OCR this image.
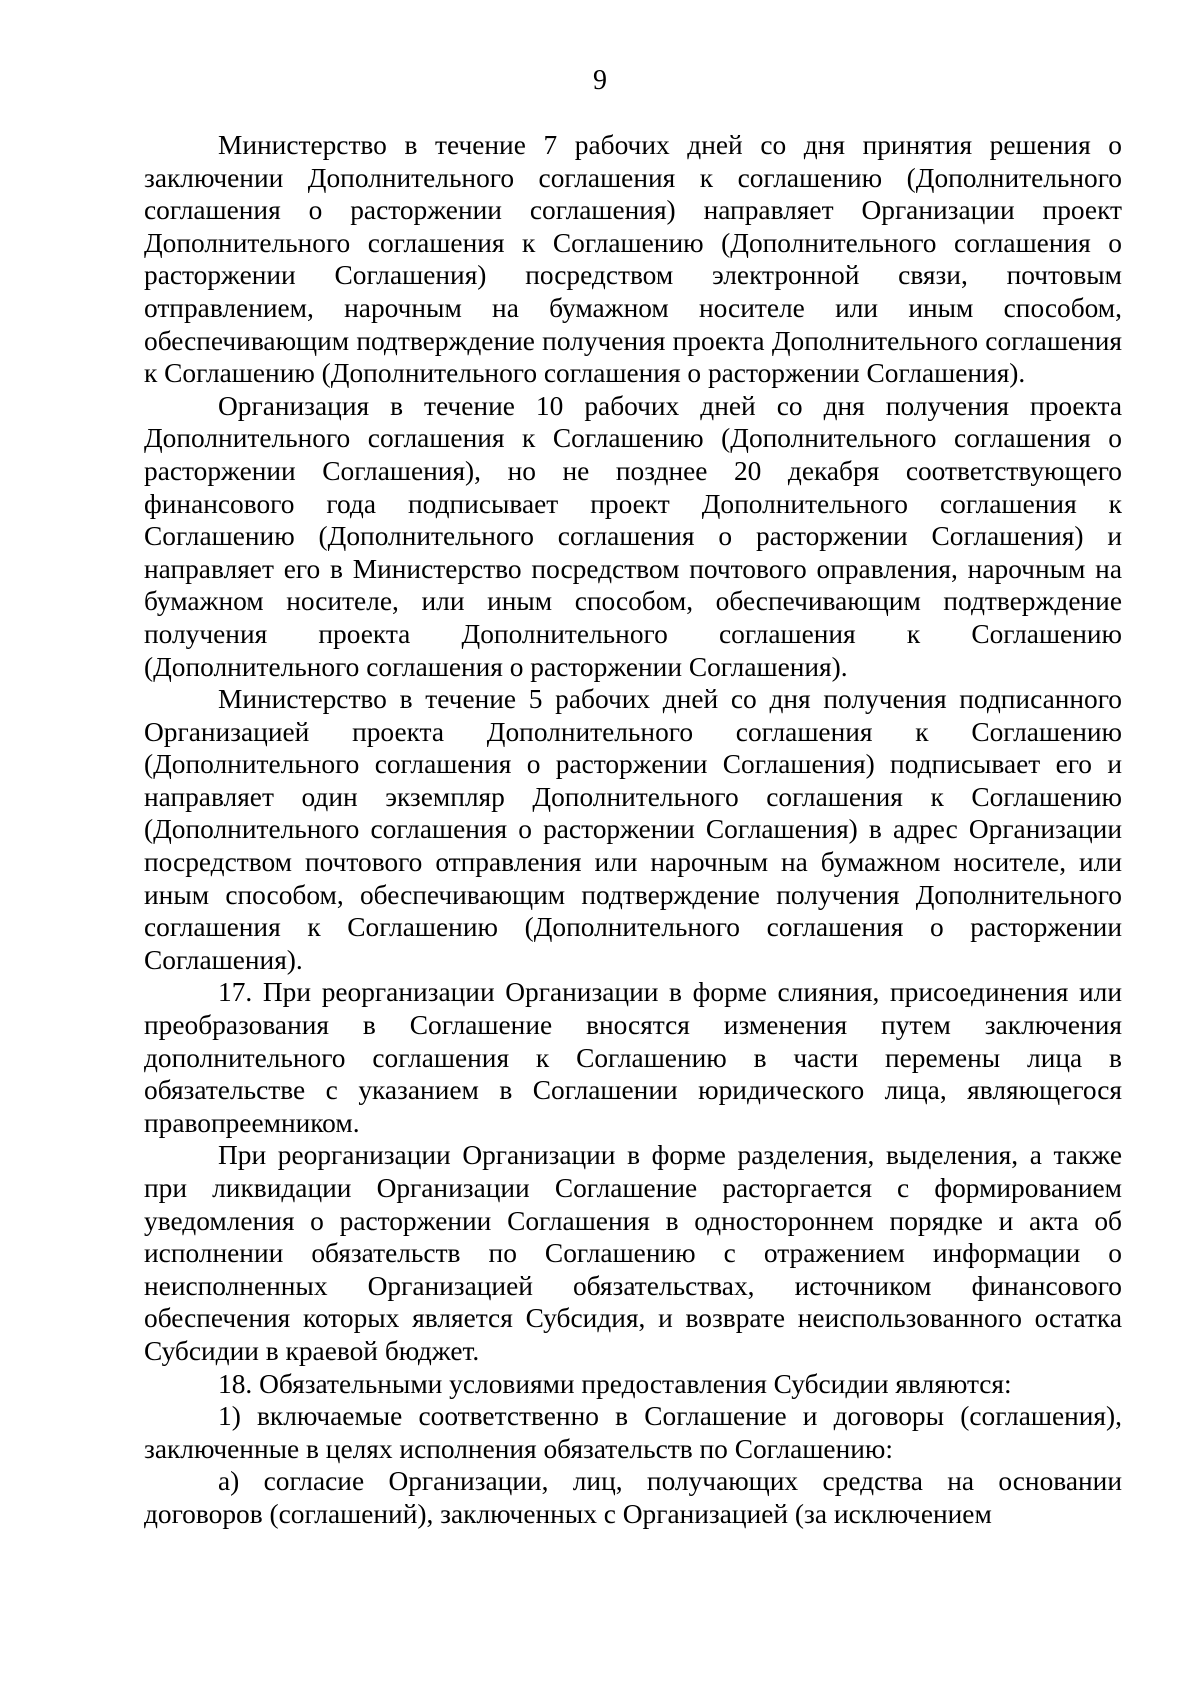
9

Министерство в течение 7 рабочих дней со дня принятия решения о заключении Дополнительного соглашения к соглашению (Дополнительного соглашения о расторжении соглашения) направляет Организации проект Дополнительного соглашения к Соглашению (Дополнительного соглашения о расторжении Соглашения) посредством электронной связи, почтовым отправлением, нарочным на бумажном носителе или иным способом, обеспечивающим подтверждение получения проекта Дополнительного соглашения к Соглашению (Дополнительного соглашения о расторжении Соглашения).

Организация в течение 10 рабочих дней со дня получения проекта Дополнительного соглашения к Соглашению (Дополнительного соглашения о расторжении Соглашения), но не позднее 20 декабря соответствующего финансового года подписывает проект Дополнительного соглашения к Соглашению (Дополнительного соглашения о расторжении Соглашения) и направляет его в Министерство посредством почтового оправления, нарочным на бумажном носителе, или иным способом, обеспечивающим подтверждение получения проекта Дополнительного соглашения к Соглашению (Дополнительного соглашения о расторжении Соглашения).

Министерство в течение 5 рабочих дней со дня получения подписанного Организацией проекта Дополнительного соглашения к Соглашению (Дополнительного соглашения о расторжении Соглашения) подписывает его и направляет один экземпляр Дополнительного соглашения к Соглашению (Дополнительного соглашения о расторжении Соглашения) в адрес Организации посредством почтового отправления или нарочным на бумажном носителе, или иным способом, обеспечивающим подтверждение получения Дополнительного соглашения к Соглашению (Дополнительного соглашения о расторжении Соглашения).

17. При реорганизации Организации в форме слияния, присоединения или преобразования в Соглашение вносятся изменения путем заключения дополнительного соглашения к Соглашению в части перемены лица в обязательстве с указанием в Соглашении юридического лица, являющегося правопреемником.

При реорганизации Организации в форме разделения, выделения, а также при ликвидации Организации Соглашение расторгается с формированием уведомления о расторжении Соглашения в одностороннем порядке и акта об исполнении обязательств по Соглашению с отражением информации о неисполненных Организацией обязательствах, источником финансового обеспечения которых является Субсидия, и возврате неиспользованного остатка Субсидии в краевой бюджет.

18. Обязательными условиями предоставления Субсидии являются:

1) включаемые соответственно в Соглашение и договоры (соглашения), заключенные в целях исполнения обязательств по Соглашению:

а) согласие Организации, лиц, получающих средства на основании договоров (соглашений), заключенных с Организацией (за исключением
